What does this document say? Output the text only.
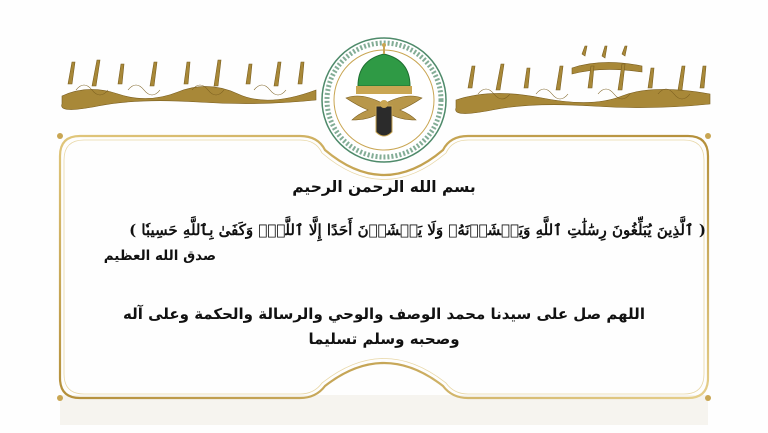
بسم الله الرحمن الرحيم
( ٱلَّذِينَ يُبَلِّغُونَ رِسَٰلَٰتِ ٱللَّهِ وَيَخۡشَوۡنَهُۥ وَلَا يَخۡشَوۡنَ أَحَدًا إِلَّا ٱللَّهَۗ وَكَفَىٰ بِٱللَّهِ حَسِيبٗا )
صدق الله العظيم
اللهم صل على سيدنا محمد الوصف والوحي والرسالة والحكمة وعلى آله
وصحبه وسلم تسليما
